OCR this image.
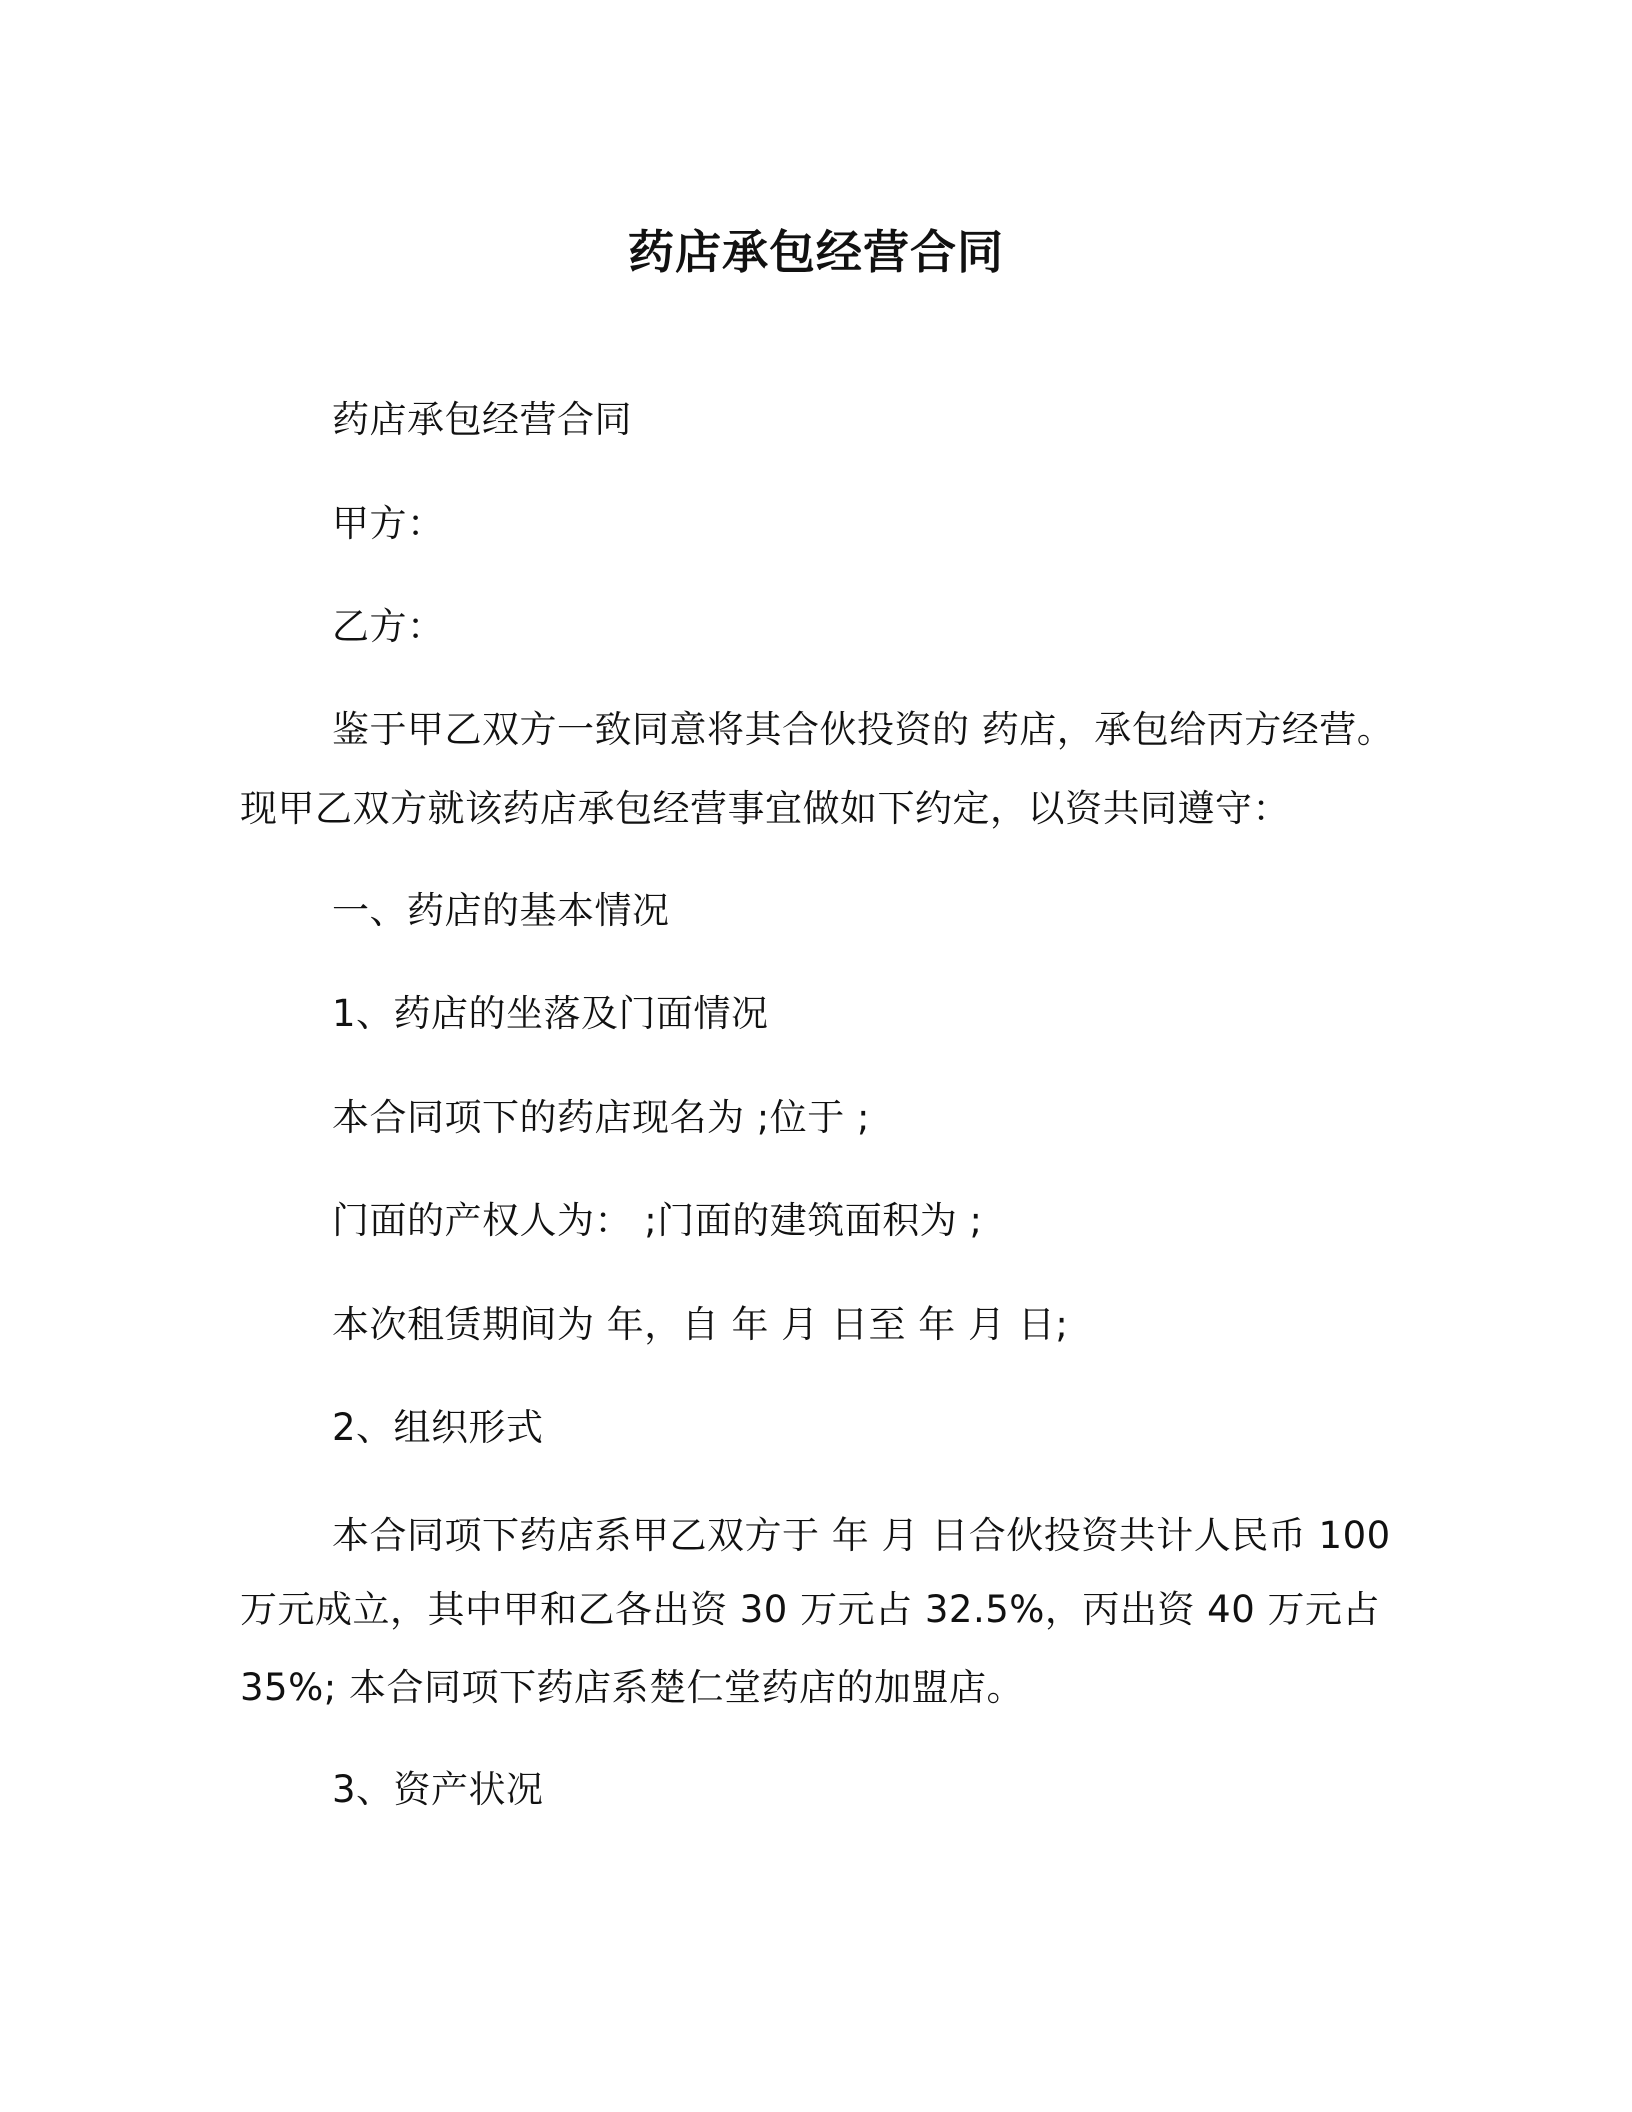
药店承包经营合同
药店承包经营合同
甲方：
乙方：
鉴于甲乙双方一致同意将其合伙投资的 药店，承包给丙方经营。
现甲乙双方就该药店承包经营事宜做如下约定，以资共同遵守：
一、药店的基本情况
1、药店的坐落及门面情况
本合同项下的药店现名为 ;位于 ;
门面的产权人为： ;门面的建筑面积为 ;
本次租赁期间为 年，自 年 月 日至 年 月 日;
2、组织形式
本合同项下药店系甲乙双方于 年 月 日合伙投资共计人民币 100
万元成立，其中甲和乙各出资 30 万元占 32.5%，丙出资 40 万元占
35%; 本合同项下药店系楚仁堂药店的加盟店。
3、资产状况
